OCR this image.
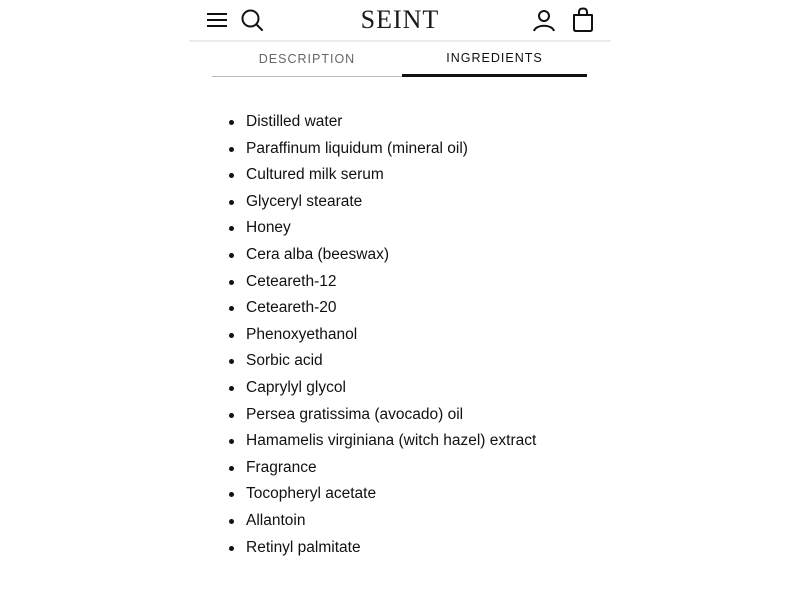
SEINT
DESCRIPTION	INGREDIENTS
Distilled water
Paraffinum liquidum (mineral oil)
Cultured milk serum
Glyceryl stearate
Honey
Cera alba (beeswax)
Ceteareth-12
Ceteareth-20
Phenoxyethanol
Sorbic acid
Caprylyl glycol
Persea gratissima (avocado) oil
Hamamelis virginiana (witch hazel) extract
Fragrance
Tocopheryl acetate
Allantoin
Retinyl palmitate
